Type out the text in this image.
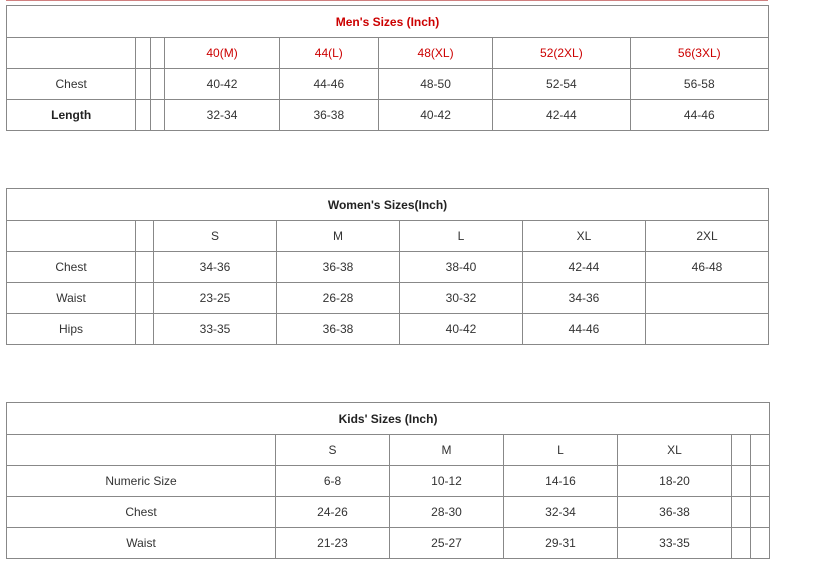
Men's Sizes (Inch)							
			40(M)	44(L)	48(XL)	52(2XL)	56(3XL)
Chest			40-42	44-46	48-50	52-54	56-58
Length			32-34	36-38	40-42	42-44	44-46
Women's Sizes(Inch)						
		S	M	L	XL	2XL
Chest		34-36	36-38	38-40	42-44	46-48
Waist		23-25	26-28	30-32	34-36	
Hips		33-35	36-38	40-42	44-46	
Kids' Sizes (Inch)						
	S	M	L	XL		
Numeric Size	6-8	10-12	14-16	18-20		
Chest	24-26	28-30	32-34	36-38		
Waist	21-23	25-27	29-31	33-35		
